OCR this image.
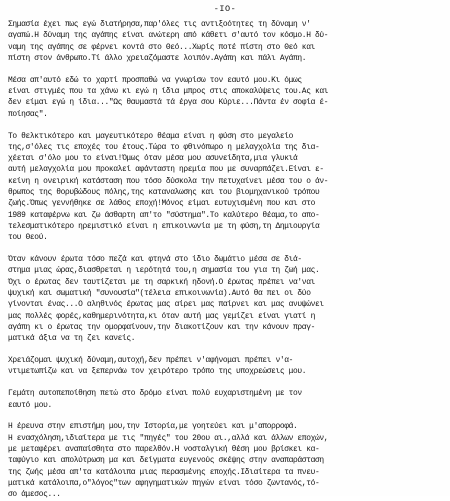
-IO-

Σημασία έχει πως εγώ διατήρησα,παρ'όλες τις αντιξοότητες τη δύναμη ν'
αγαπώ.Η δύναμη της αγάπης είναι ανώτερη από κάθετι σ'αυτό τον κόσμο.Η δύ-
ναμη της αγάπης σε φέρνει κοντά στο Θεό...Χωρίς ποτέ πίστη στο Θεό και
πίστη στον άνθρωπο.Τί άλλο χρειαζόμαστε λοιπόν.Αγάπη και πάλι Αγάπη.

Μέσα απ'αυτό εδώ το χαρτί προσπαθώ να γνωρίσω τον εαυτό μου.Κι όμως
είναι στιγμές που τα χάνω κι εγώ η ίδια μπρος στις αποκαλύψεις του.Ας και
δεν είμαι εγώ η ίδια..."Ως θαυμαστά τά έργα σου Κύριε...Πάντα έν σοφία έ-
ποίησας".

Το θελκτικότερο και μαγευτικότερο θέαμα είναι η φύση στο μεγαλείο
της,σ'όλες τις εποχές του έτους.Τώρα το φθινόπωρο η μελαγχολία της δια-
χέεται σ'όλο μου το είναι!Όμως όταν μέσα μου ασυνείδητα,μια γλυκιά
αυτή μελαγχολία μου προκαλεί αφάνταστη ηρεμία που με συναρπάζει.Είναι ε-
κείνη η ονειρική κατάσταση που τόσο δύσκολα την πετυχαίνει μέσα του ο άν-
θρωπος της θορυβώδους πόλης,της καταναλωσης και του βιομηχανικού τρόπου
ζωής.Όπως γεννήθηκε σε λάθος εποχή!Μόνος είμαι ευτυχισμένη που και στο
1989 καταφέρνω και ζω άσθαρτη απ'το "σύστημα".Το καλύτερο θέαμα,το απο-
τελεσματικότερο ηρεμιστικό είναι η επικοινωνία με τη φύση,τη Δημιουργία
του Θεού.

Όταν κάνουν έρωτα τόσο πεζά και φτηνά στο ίδιο δωμάτιο μέσα σε διά-
στημα μιας ώρας,διασθρεται η ιερότητά του,η σημασία του για τη ζωή μας.
Όχι ο έρωτας δεν ταυτίζεται με τη σαρκική ηδονή.Ο έρωτας πρέπει να'ναι
ψυχική και σωματική "συνουσία"(τέλεια επικοινωνία).Αυτό θα πει οι δύο
γίνονται ένας...Ο αληθινός έρωτας μας αίρει μας παίρνει και μας ανυψώνει
μας πολλές φορές,καθημερινότητα,κι όταν αυτή μας γεμίζει είναι γιατί η
αγάπη κι ο έρωτας την ομορφαίνουν,την διακοτίζουν και την κάνουν πραγ-
ματικά άξια να τη ζει κανείς.

Χρειάζομαι ψυχική δύναμη,αυτοχή,δεν πρέπει ν'αφήνομαι πρέπει ν'α-
ντιμετωπίζω και να ξεπερνάω τον χειρότερο τρόπο της υποχρεώσεις μου.

Γεμάτη αυτοπεποίθηση πετώ στο δρόμο είναι πολύ ευχαριστημένη με τον
εαυτό μου.

Η έρευνα στην επιστήμη μου,την Ιστορία,με γοητεύει και μ'απορροφά.
Η ενασχόληση,ιδιαίτερα με τις "πηγές" του 20ου αι.,αλλά και άλλων εποχών,
με μεταφέρει αναπαίσθητα στο παρελθόν.Η νοσταλγική θέση μου βρίσκει κα-
ταφύγιο και απολύτρωση μα και δείγματα ευγενούς σκέψης στην αναπαράσταση
της ζωής μέσα απ'τα κατάλοιπα μιας περασμένης εποχής.Ιδιαίτερα τα πνευ-
ματικά κατάλοιπα,ο"λόγος"των αφηγηματικών πηγών είναι τόσο ζωντανός,τό-
σο άμεσος...
